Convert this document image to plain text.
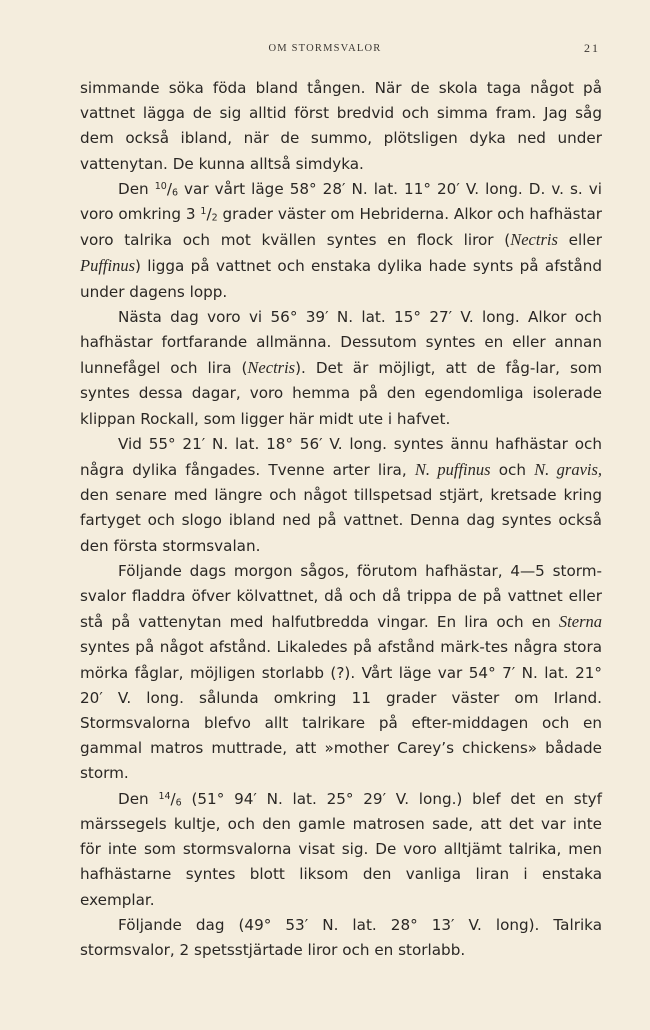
OM STORMSVALOR	21

simmande söka föda bland tången. När de skola taga något på vattnet lägga de sig alltid först bredvid och simma fram. Jag såg dem också ibland, när de summo, plötsligen dyka ned under vattenytan. De kunna alltså simdyka.

Den $^{10}/_6$ var vårt läge 58° 28′ N. lat. 11° 20′ V. long. D. v. s. vi voro omkring 3 $^1/_2$ grader väster om Hebriderna. Alkor och hafhästar voro talrika och mot kvällen syntes en flock liror (Nectris eller Puffinus) ligga på vattnet och enstaka dylika hade synts på afstånd under dagens lopp.

Nästa dag voro vi 56° 39′ N. lat. 15° 27′ V. long. Alkor och hafhästar fortfarande allmänna. Dessutom syntes en eller annan lunnefågel och lira (Nectris). Det är möjligt, att de fåg-lar, som syntes dessa dagar, voro hemma på den egendomliga isolerade klippan Rockall, som ligger här midt ute i hafvet.

Vid 55° 21′ N. lat. 18° 56′ V. long. syntes ännu hafhästar och några dylika fångades. Tvenne arter lira, N. puffinus och N. gravis, den senare med längre och något tillspetsad stjärt, kretsade kring fartyget och slogo ibland ned på vattnet. Denna dag syntes också den första stormsvalan.

Följande dags morgon sågos, förutom hafhästar, 4—5 storm-svalor fladdra öfver kölvattnet, då och då trippa de på vattnet eller stå på vattenytan med halfutbredda vingar. En lira och en Sterna syntes på något afstånd. Likaledes på afstånd märk-tes några stora mörka fåglar, möjligen storlabb (?). Vårt läge var 54° 7′ N. lat. 21° 20′ V. long. sålunda omkring 11 grader väster om Irland. Stormsvalorna blefvo allt talrikare på efter-middagen och en gammal matros muttrade, att »mother Carey’s chickens» bådade storm.

Den $^{14}/_6$ (51° 94′ N. lat. 25° 29′ V. long.) blef det en styf märssegels kultje, och den gamle matrosen sade, att det var inte för inte som stormsvalorna visat sig. De voro alltjämt talrika, men hafhästarne syntes blott liksom den vanliga liran i enstaka exemplar.

Följande dag (49° 53′ N. lat. 28° 13′ V. long). Talrika stormsvalor, 2 spetsstjärtade liror och en storlabb.
